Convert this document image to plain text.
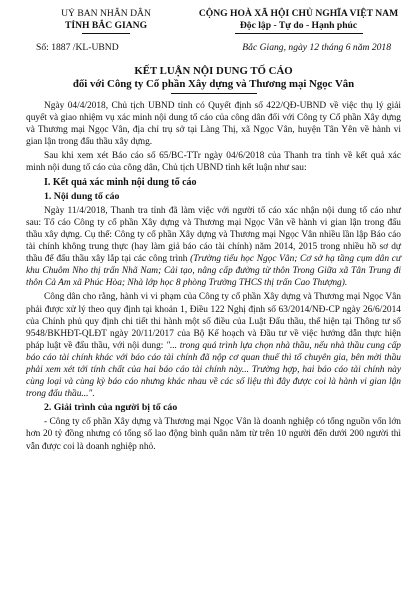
UỶ BAN NHÂN DÂN
TỈNH BẮC GIANG
CỘNG HOÀ XÃ HỘI CHỦ NGHĨA VIỆT NAM
Độc lập - Tự do - Hạnh phúc
Số: 1887 /KL-UBND	Bắc Giang, ngày 12 tháng 6 năm 2018
KẾT LUẬN NỘI DUNG TỐ CÁO
đối với Công ty Cổ phần Xây dựng và Thương mại Ngọc Vân

Ngày 04/4/2018, Chủ tịch UBND tỉnh có Quyết định số 422/QĐ-UBND về việc thụ lý giải quyết và giao nhiệm vụ xác minh nội dung tố cáo của công dân đối với Công ty Cổ phần Xây dựng và Thương mại Ngọc Vân, địa chỉ trụ sở tại Làng Thị, xã Ngọc Vân, huyện Tân Yên về hành vi gian lận trong đấu thầu xây dựng.

Sau khi xem xét Báo cáo số 65/BC-TTr ngày 04/6/2018 của Thanh tra tỉnh về kết quả xác minh nội dung tố cáo của công dân, Chủ tịch UBND tỉnh kết luận như sau:

I. Kết quả xác minh nội dung tố cáo

1. Nội dung tố cáo

Ngày 11/4/2018, Thanh tra tỉnh đã làm việc với người tố cáo xác nhận nội dung tố cáo như sau: Tố cáo Công ty cổ phần Xây dựng và Thương mại Ngọc Vân về hành vi gian lận trong đấu thầu xây dựng. Cụ thể: Công ty cổ phần Xây dựng và Thương mại Ngọc Vân nhiều lần lập Báo cáo tài chính không trung thực (hay làm giả báo cáo tài chính) năm 2014, 2015 trong nhiều hồ sơ dự thầu để đấu thầu xây lắp tại các công trình (Trường tiểu học Ngọc Vân; Cơ sở hạ tầng cụm dân cư khu Chuôm Nho thị trấn Nhã Nam; Cải tạo, nâng cấp đường từ thôn Trong Giữa xã Tân Trung đi thôn Cả Am xã Phúc Hòa; Nhà lớp học 8 phòng Trường THCS thị trấn Cao Thượng).

Công dân cho rằng, hành vi vi phạm của Công ty cổ phần Xây dựng và Thương mại Ngọc Vân phải được xử lý theo quy định tại khoản 1, Điều 122 Nghị định số 63/2014/NĐ-CP ngày 26/6/2014 của Chính phủ quy định chi tiết thi hành một số điều của Luật Đấu thầu, thể hiện tại Thông tư số 9548/BKHĐT-QLĐT ngày 20/11/2017 của Bộ Kế hoạch và Đầu tư về việc hướng dẫn thực hiện pháp luật về đấu thầu, với nội dung: "... trong quá trình lựa chọn nhà thầu, nếu nhà thầu cung cấp báo cáo tài chính khác với báo cáo tài chính đã nộp cơ quan thuế thì tổ chuyên gia, bên mời thầu phải xem xét tới tính chất của hai báo cáo tài chính này... Trường hợp, hai báo cáo tài chính này cùng loại và cùng kỳ báo cáo nhưng khác nhau về các số liệu thì đây được coi là hành vi gian lận trong đấu thầu...".

2. Giải trình của người bị tố cáo

- Công ty cổ phần Xây dựng và Thương mại Ngọc Vân là doanh nghiệp có tổng nguồn vốn lớn hơn 20 tỷ đồng nhưng có tổng số lao động bình quân năm từ trên 10 người đến dưới 200 người thì vẫn được coi là doanh nghiệp nhỏ.
